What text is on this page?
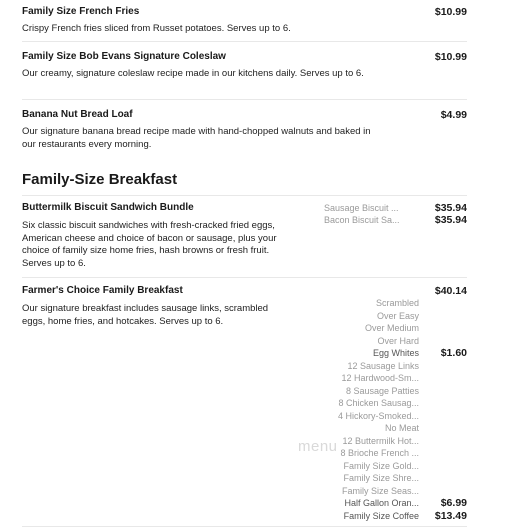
Family Size French Fries
Crispy French fries sliced from Russet potatoes. Serves up to 6.
$10.99
Family Size Bob Evans Signature Coleslaw
Our creamy, signature coleslaw recipe made in our kitchens daily. Serves up to 6.
$10.99
Banana Nut Bread Loaf
Our signature banana bread recipe made with hand-chopped walnuts and baked in our restaurants every morning.
$4.99
Family-Size Breakfast
Buttermilk Biscuit Sandwich Bundle
Six classic biscuit sandwiches with fresh-cracked fried eggs, American cheese and choice of bacon or sausage, plus your choice of family size home fries, hash browns or fresh fruit. Serves up to 6.
Sausage Biscuit ...	$35.94
Bacon Biscuit Sa...	$35.94
Farmer's Choice Family Breakfast
Our signature breakfast includes sausage links, scrambled eggs, home fries, and hotcakes. Serves up to 6.
$40.14
Scrambled
Over Easy
Over Medium
Over Hard
Egg Whites $1.60
12 Sausage Links
12 Hardwood-Sm...
8 Sausage Patties
8 Chicken Sausag...
4 Hickory-Smoked...
No Meat
12 Buttermilk Hot...
8 Brioche French ...
Family Size Gold...
Family Size Shre...
Family Size Seas...
Half Gallon Oran... $6.99
Family Size Coffee $13.49
menu
